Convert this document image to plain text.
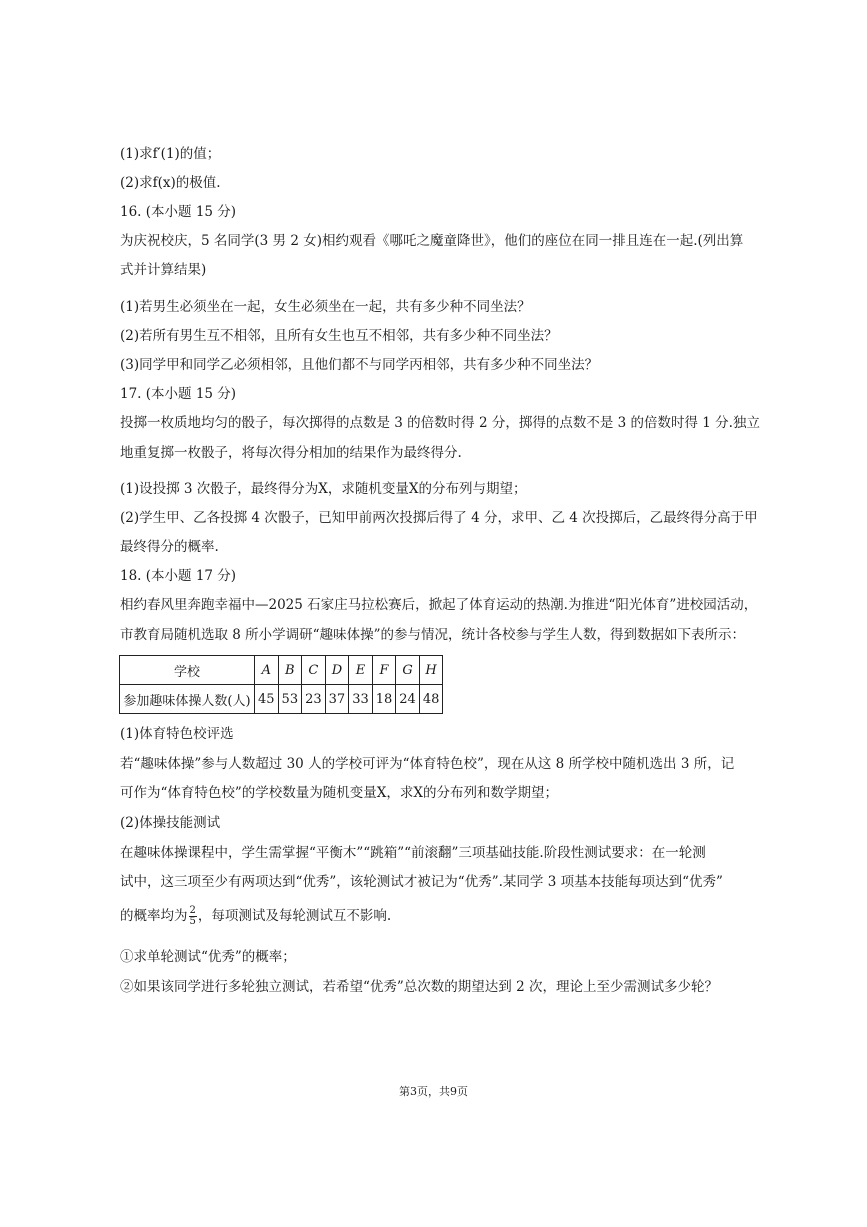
(1)求f′(1)的值；
(2)求f(x)的极值.
16. (本小题 15 分)
为庆祝校庆，5 名同学(3 男 2 女)相约观看《哪吒之魔童降世》，他们的座位在同一排且连在一起.(列出算
式并计算结果)
(1)若男生必须坐在一起，女生必须坐在一起，共有多少种不同坐法？
(2)若所有男生互不相邻，且所有女生也互不相邻，共有多少种不同坐法？
(3)同学甲和同学乙必须相邻，且他们都不与同学丙相邻，共有多少种不同坐法？
17. (本小题 15 分)
投掷一枚质地均匀的骰子，每次掷得的点数是 3 的倍数时得 2 分，掷得的点数不是 3 的倍数时得 1 分.独立
地重复掷一枚骰子，将每次得分相加的结果作为最终得分.
(1)设投掷 3 次骰子，最终得分为X，求随机变量X的分布列与期望；
(2)学生甲、乙各投掷 4 次骰子，已知甲前两次投掷后得了 4 分，求甲、乙 4 次投掷后，乙最终得分高于甲
最终得分的概率.
18. (本小题 17 分)
相约春风里奔跑幸福中—2025 石家庄马拉松赛后，掀起了体育运动的热潮.为推进“阳光体育”进校园活动，
市教育局随机选取 8 所小学调研“趣味体操”的参与情况，统计各校参与学生人数，得到数据如下表所示：
学校	A	B	C	D	E	F	G	H
参加趣味体操人数(人)	45	53	23	37	33	18	24	48
(1)体育特色校评选
若“趣味体操”参与人数超过 30 人的学校可评为“体育特色校”，现在从这 8 所学校中随机选出 3 所，记
可作为“体育特色校”的学校数量为随机变量X，求X的分布列和数学期望；
(2)体操技能测试
在趣味体操课程中，学生需掌握“平衡木”“跳箱”“前滚翻”三项基础技能.阶段性测试要求：在一轮测
试中，这三项至少有两项达到“优秀”，该轮测试才被记为“优秀”.某同学 3 项基本技能每项达到“优秀”
的概率均为 $\frac{2}{5}$ ，每项测试及每轮测试互不影响.
①求单轮测试“优秀”的概率；
②如果该同学进行多轮独立测试，若希望“优秀”总次数的期望达到 2 次，理论上至少需测试多少轮？
第3页，共9页
